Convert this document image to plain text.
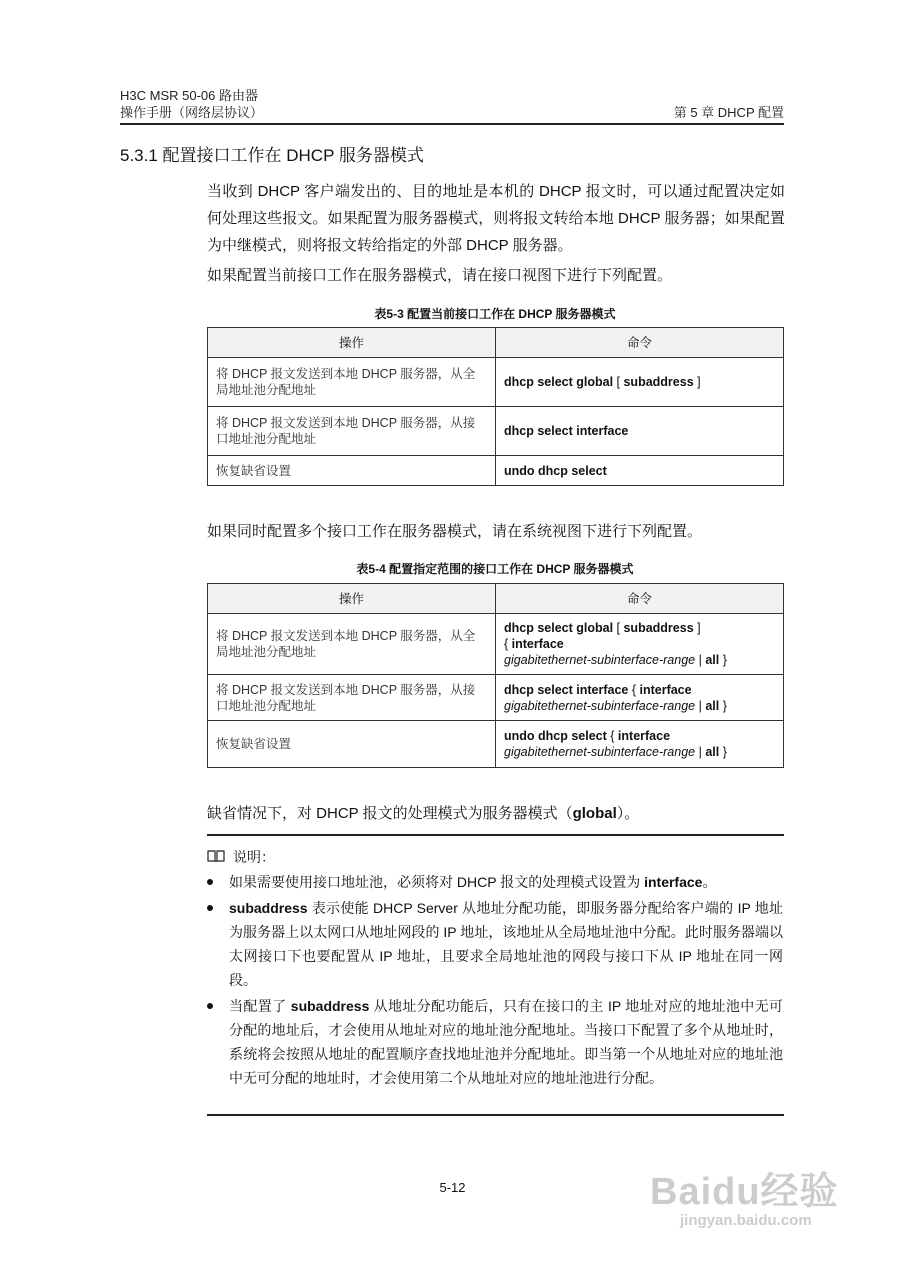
H3C MSR 50-06 路由器
操作手册（网络层协议）	第 5 章 DHCP 配置
5.3.1 配置接口工作在 DHCP 服务器模式
当收到 DHCP 客户端发出的、目的地址是本机的 DHCP 报文时，可以通过配置决定如何处理这些报文。如果配置为服务器模式，则将报文转给本地 DHCP 服务器；如果配置为中继模式，则将报文转给指定的外部 DHCP 服务器。
如果配置当前接口工作在服务器模式，请在接口视图下进行下列配置。
表5-3 配置当前接口工作在 DHCP 服务器模式
操作	命令
将 DHCP 报文发送到本地 DHCP 服务器，从全局地址池分配地址	dhcp select global [ subaddress ]
将 DHCP 报文发送到本地 DHCP 服务器，从接口地址池分配地址	dhcp select interface
恢复缺省设置	undo dhcp select
如果同时配置多个接口工作在服务器模式，请在系统视图下进行下列配置。
表5-4 配置指定范围的接口工作在 DHCP 服务器模式
操作	命令
将 DHCP 报文发送到本地 DHCP 服务器，从全局地址池分配地址	dhcp select global [ subaddress ]
{ interface
gigabitethernet-subinterface-range | all }
将 DHCP 报文发送到本地 DHCP 服务器，从接口地址池分配地址	dhcp select interface { interface
gigabitethernet-subinterface-range | all }
恢复缺省设置	undo dhcp select { interface
gigabitethernet-subinterface-range | all }
缺省情况下，对 DHCP 报文的处理模式为服务器模式（global）。
说明：
如果需要使用接口地址池，必须将对 DHCP 报文的处理模式设置为 interface。
subaddress 表示使能 DHCP Server 从地址分配功能，即服务器分配给客户端的 IP 地址为服务器上以太网口从地址网段的 IP 地址，该地址从全局地址池中分配。此时服务器端以太网接口下也要配置从 IP 地址，且要求全局地址池的网段与接口下从 IP 地址在同一网段。
当配置了 subaddress 从地址分配功能后，只有在接口的主 IP 地址对应的地址池中无可分配的地址后，才会使用从地址对应的地址池分配地址。当接口下配置了多个从地址时，系统将会按照从地址的配置顺序查找地址池并分配地址。即当第一个从地址对应的地址池中无可分配的地址时，才会使用第二个从地址对应的地址池进行分配。
5-12	Baidu经验
jingyan.baidu.com
